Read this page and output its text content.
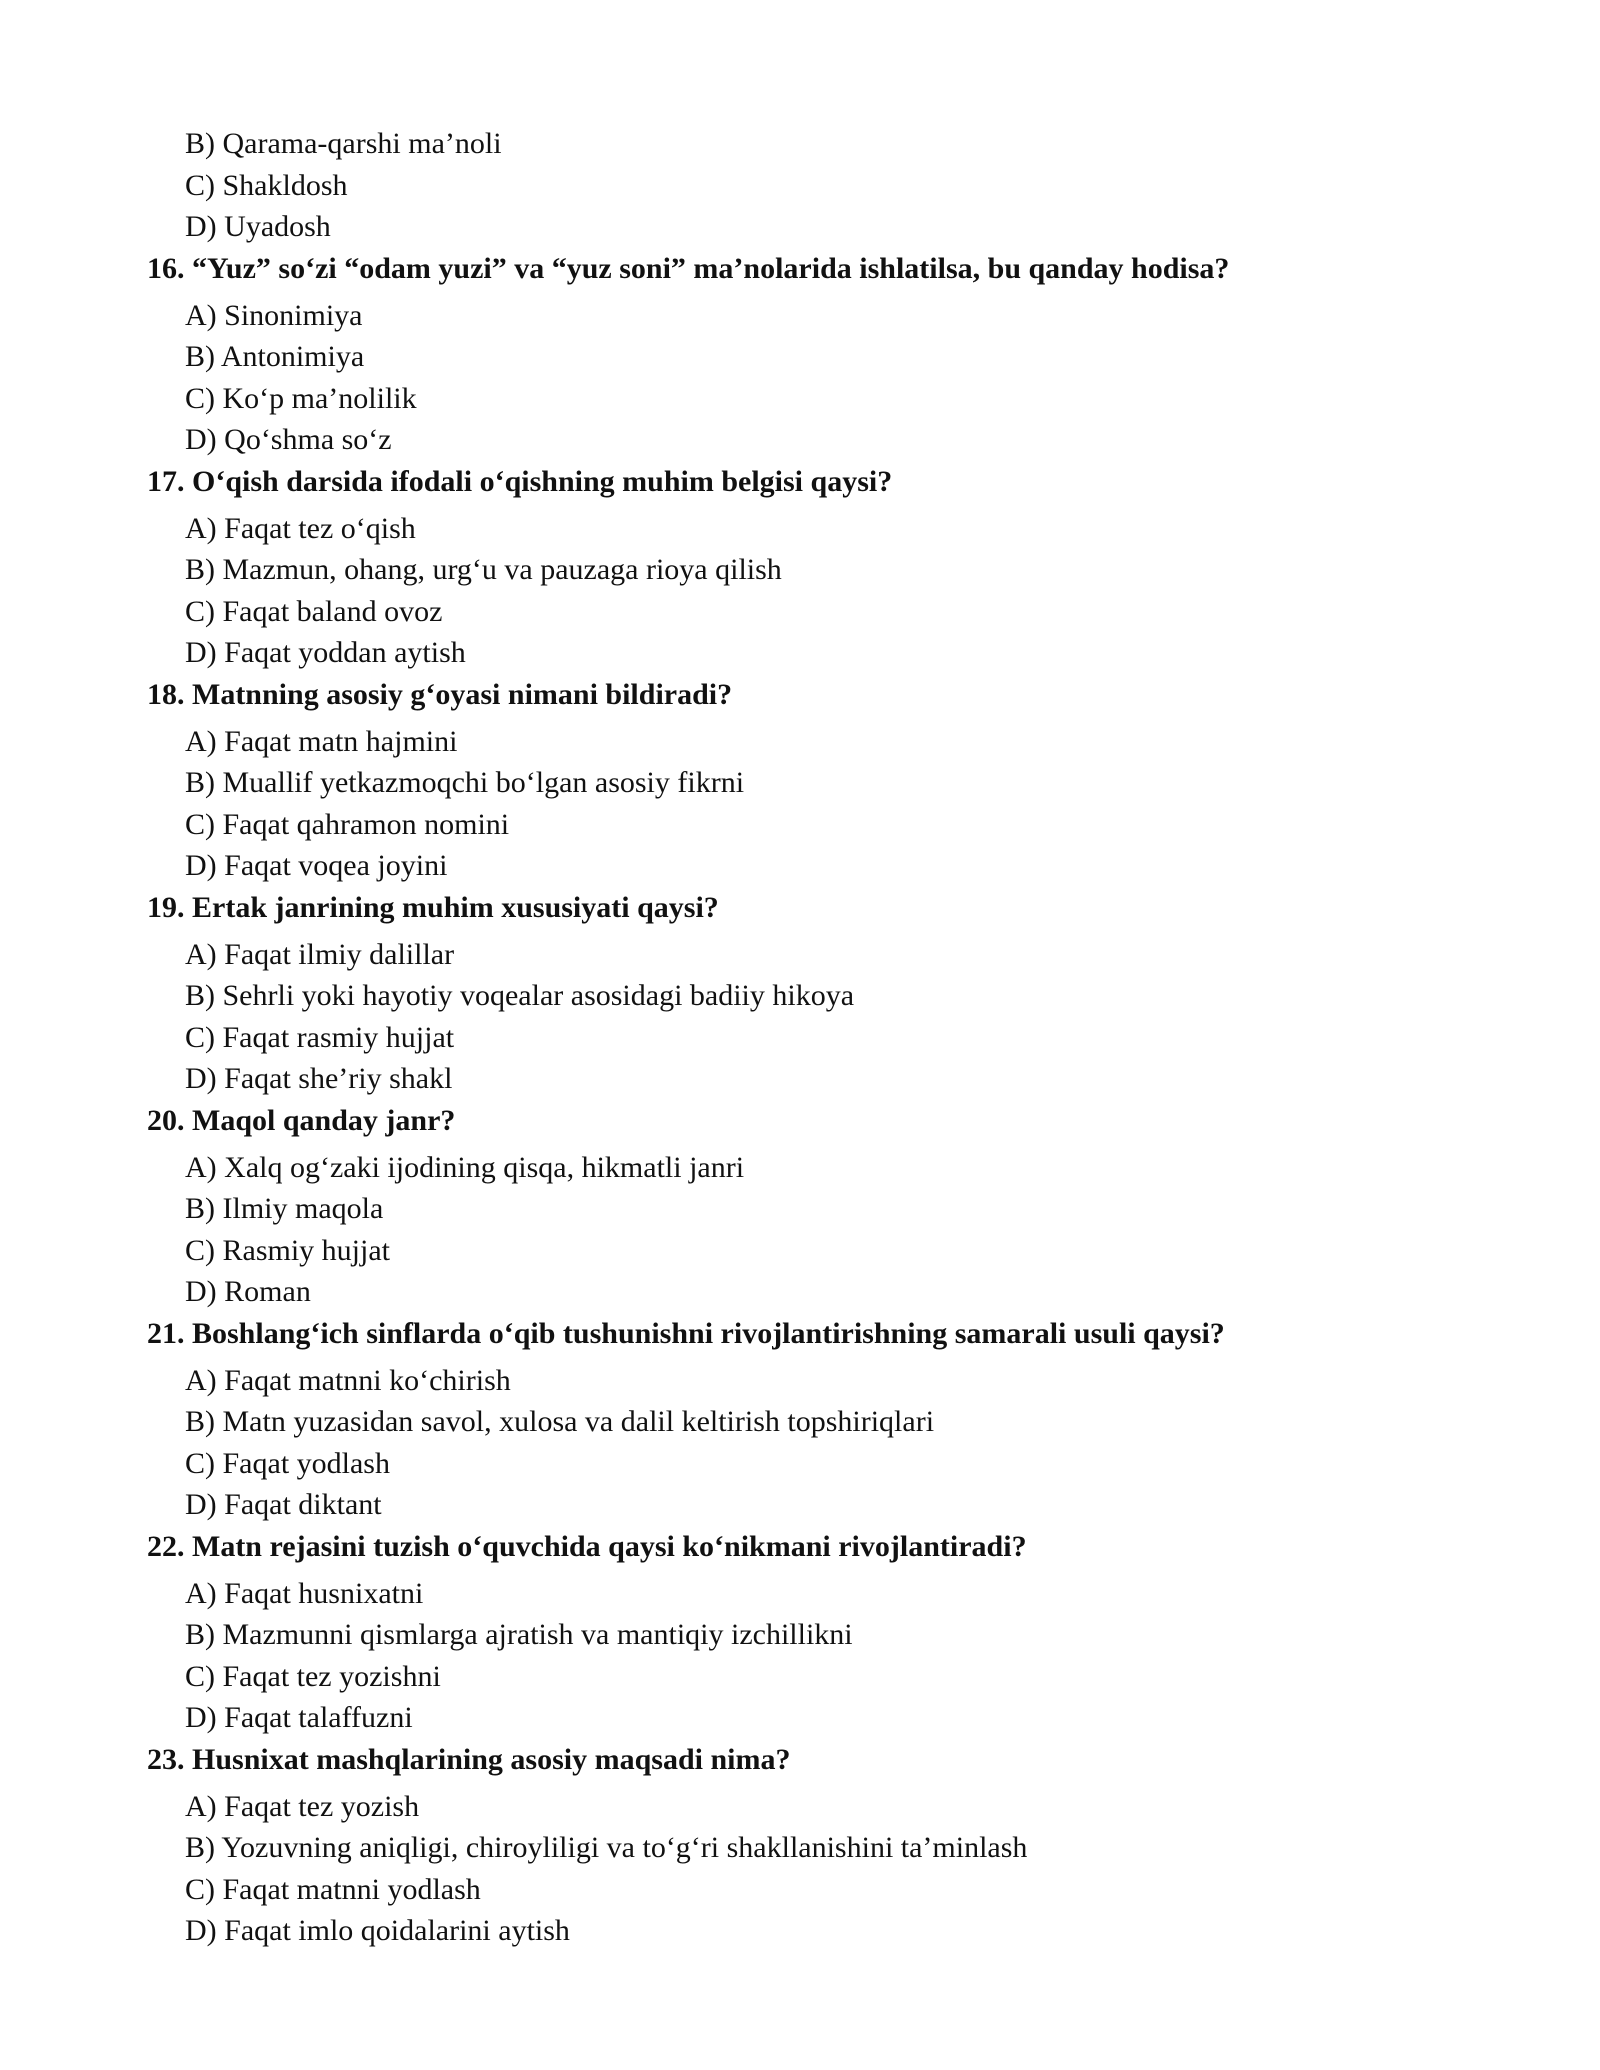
B) Qarama-qarshi ma’noli
C) Shakldosh
D) Uyadosh
16. “Yuz” so‘zi “odam yuzi” va “yuz soni” ma’nolarida ishlatilsa, bu qanday hodisa?
A) Sinonimiya
B) Antonimiya
C) Ko‘p ma’nolilik
D) Qo‘shma so‘z
17. O‘qish darsida ifodali o‘qishning muhim belgisi qaysi?
A) Faqat tez o‘qish
B) Mazmun, ohang, urg‘u va pauzaga rioya qilish
C) Faqat baland ovoz
D) Faqat yoddan aytish
18. Matnning asosiy g‘oyasi nimani bildiradi?
A) Faqat matn hajmini
B) Muallif yetkazmoqchi bo‘lgan asosiy fikrni
C) Faqat qahramon nomini
D) Faqat voqea joyini
19. Ertak janrining muhim xususiyati qaysi?
A) Faqat ilmiy dalillar
B) Sehrli yoki hayotiy voqealar asosidagi badiiy hikoya
C) Faqat rasmiy hujjat
D) Faqat she’riy shakl
20. Maqol qanday janr?
A) Xalq og‘zaki ijodining qisqa, hikmatli janri
B) Ilmiy maqola
C) Rasmiy hujjat
D) Roman
21. Boshlang‘ich sinflarda o‘qib tushunishni rivojlantirishning samarali usuli qaysi?
A) Faqat matnni ko‘chirish
B) Matn yuzasidan savol, xulosa va dalil keltirish topshiriqlari
C) Faqat yodlash
D) Faqat diktant
22. Matn rejasini tuzish o‘quvchida qaysi ko‘nikmani rivojlantiradi?
A) Faqat husnixatni
B) Mazmunni qismlarga ajratish va mantiqiy izchillikni
C) Faqat tez yozishni
D) Faqat talaffuzni
23. Husnixat mashqlarining asosiy maqsadi nima?
A) Faqat tez yozish
B) Yozuvning aniqligi, chiroyliligi va to‘g‘ri shakllanishini ta’minlash
C) Faqat matnni yodlash
D) Faqat imlo qoidalarini aytish
